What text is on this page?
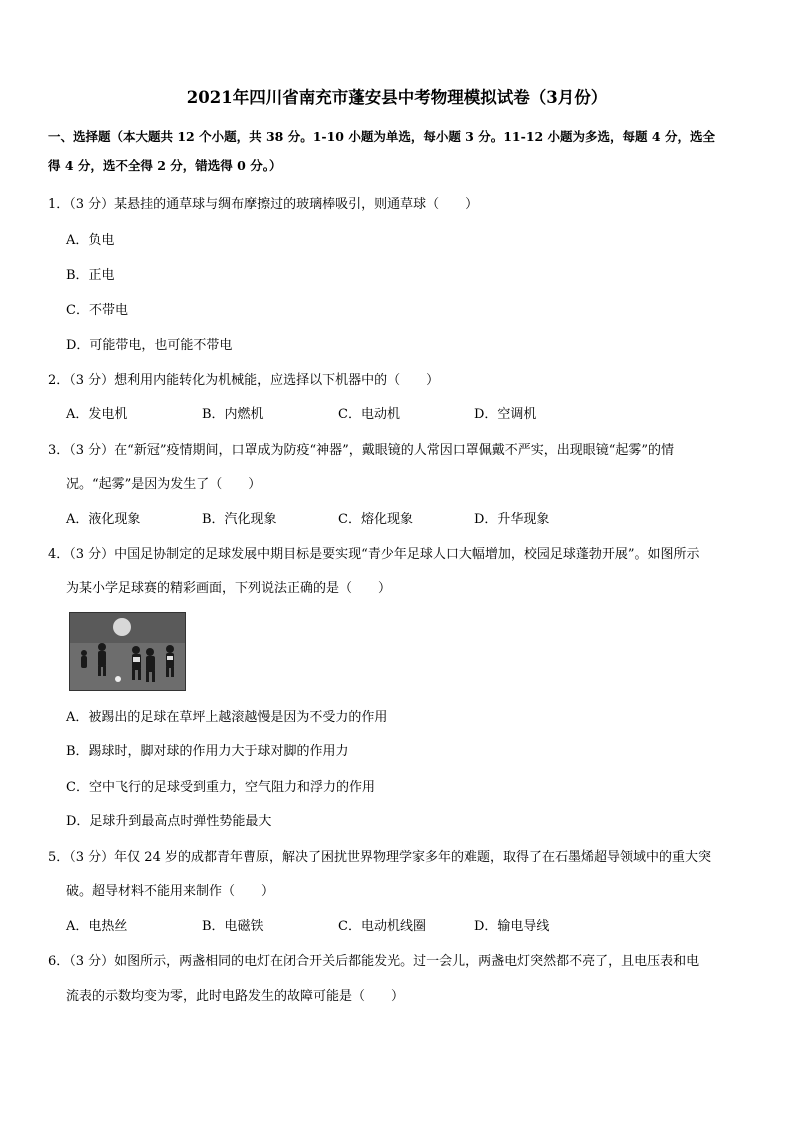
2021年四川省南充市蓬安县中考物理模拟试卷（3月份）
一、选择题（本大题共 12 个小题，共 38 分。1-10 小题为单选，每小题 3 分。11-12 小题为多选，每题 4 分，选全
得 4 分，选不全得 2 分，错选得 0 分。）
1．（3 分）某悬挂的通草球与绸布摩擦过的玻璃棒吸引，则通草球（　　）
A．负电
B．正电
C．不带电
D．可能带电，也可能不带电
2．（3 分）想利用内能转化为机械能，应选择以下机器中的（　　）
A．发电机	B．内燃机	C．电动机	D．空调机
3．（3 分）在“新冠”疫情期间，口罩成为防疫“神器”，戴眼镜的人常因口罩佩戴不严实，出现眼镜“起雾”的情
况。“起雾”是因为发生了（　　）
A．液化现象	B．汽化现象	C．熔化现象	D．升华现象
4．（3 分）中国足协制定的足球发展中期目标是要实现“青少年足球人口大幅增加，校园足球蓬勃开展”。如图所示
为某小学足球赛的精彩画面，下列说法正确的是（　　）
A．被踢出的足球在草坪上越滚越慢是因为不受力的作用
B．踢球时，脚对球的作用力大于球对脚的作用力
C．空中飞行的足球受到重力，空气阻力和浮力的作用
D．足球升到最高点时弹性势能最大
5．（3 分）年仅 24 岁的成都青年曹原，解决了困扰世界物理学家多年的难题，取得了在石墨烯超导领域中的重大突
破。超导材料不能用来制作（　　）
A．电热丝	B．电磁铁	C．电动机线圈	D．输电导线
6．（3 分）如图所示，两盏相同的电灯在闭合开关后都能发光。过一会儿，两盏电灯突然都不亮了，且电压表和电
流表的示数均变为零，此时电路发生的故障可能是（　　）
